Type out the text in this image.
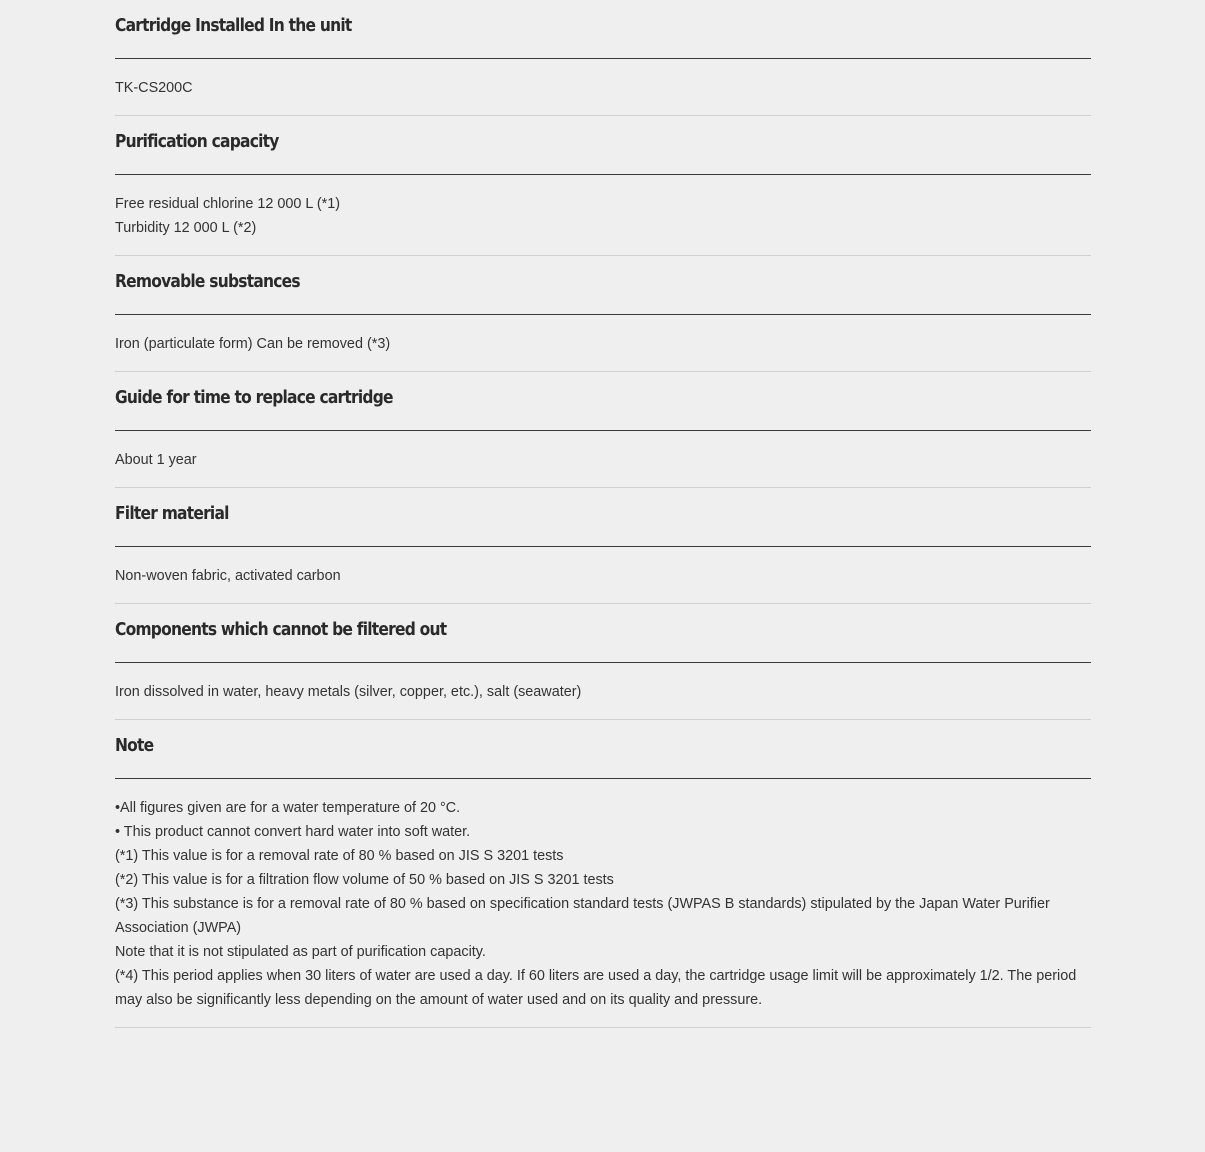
Cartridge Installed In the unit

TK-CS200C

Purification capacity

Free residual chlorine 12 000 L (*1)

Turbidity 12 000 L (*2)

Removable substances

Iron (particulate form) Can be removed (*3)

Guide for time to replace cartridge

About 1 year

Filter material

Non-woven fabric, activated carbon

Components which cannot be filtered out

Iron dissolved in water, heavy metals (silver, copper, etc.), salt (seawater)

Note

•All figures given are for a water temperature of 20 °C.

• This product cannot convert hard water into soft water.

(*1) This value is for a removal rate of 80 % based on JIS S 3201 tests

(*2) This value is for a filtration flow volume of 50 % based on JIS S 3201 tests

(*3) This substance is for a removal rate of 80 % based on specification standard tests (JWPAS B standards) stipulated by the Japan Water Purifier Association (JWPA)

Note that it is not stipulated as part of purification capacity.

(*4) This period applies when 30 liters of water are used a day. If 60 liters are used a day, the cartridge usage limit will be approximately 1/2. The period may also be significantly less depending on the amount of water used and on its quality and pressure.
